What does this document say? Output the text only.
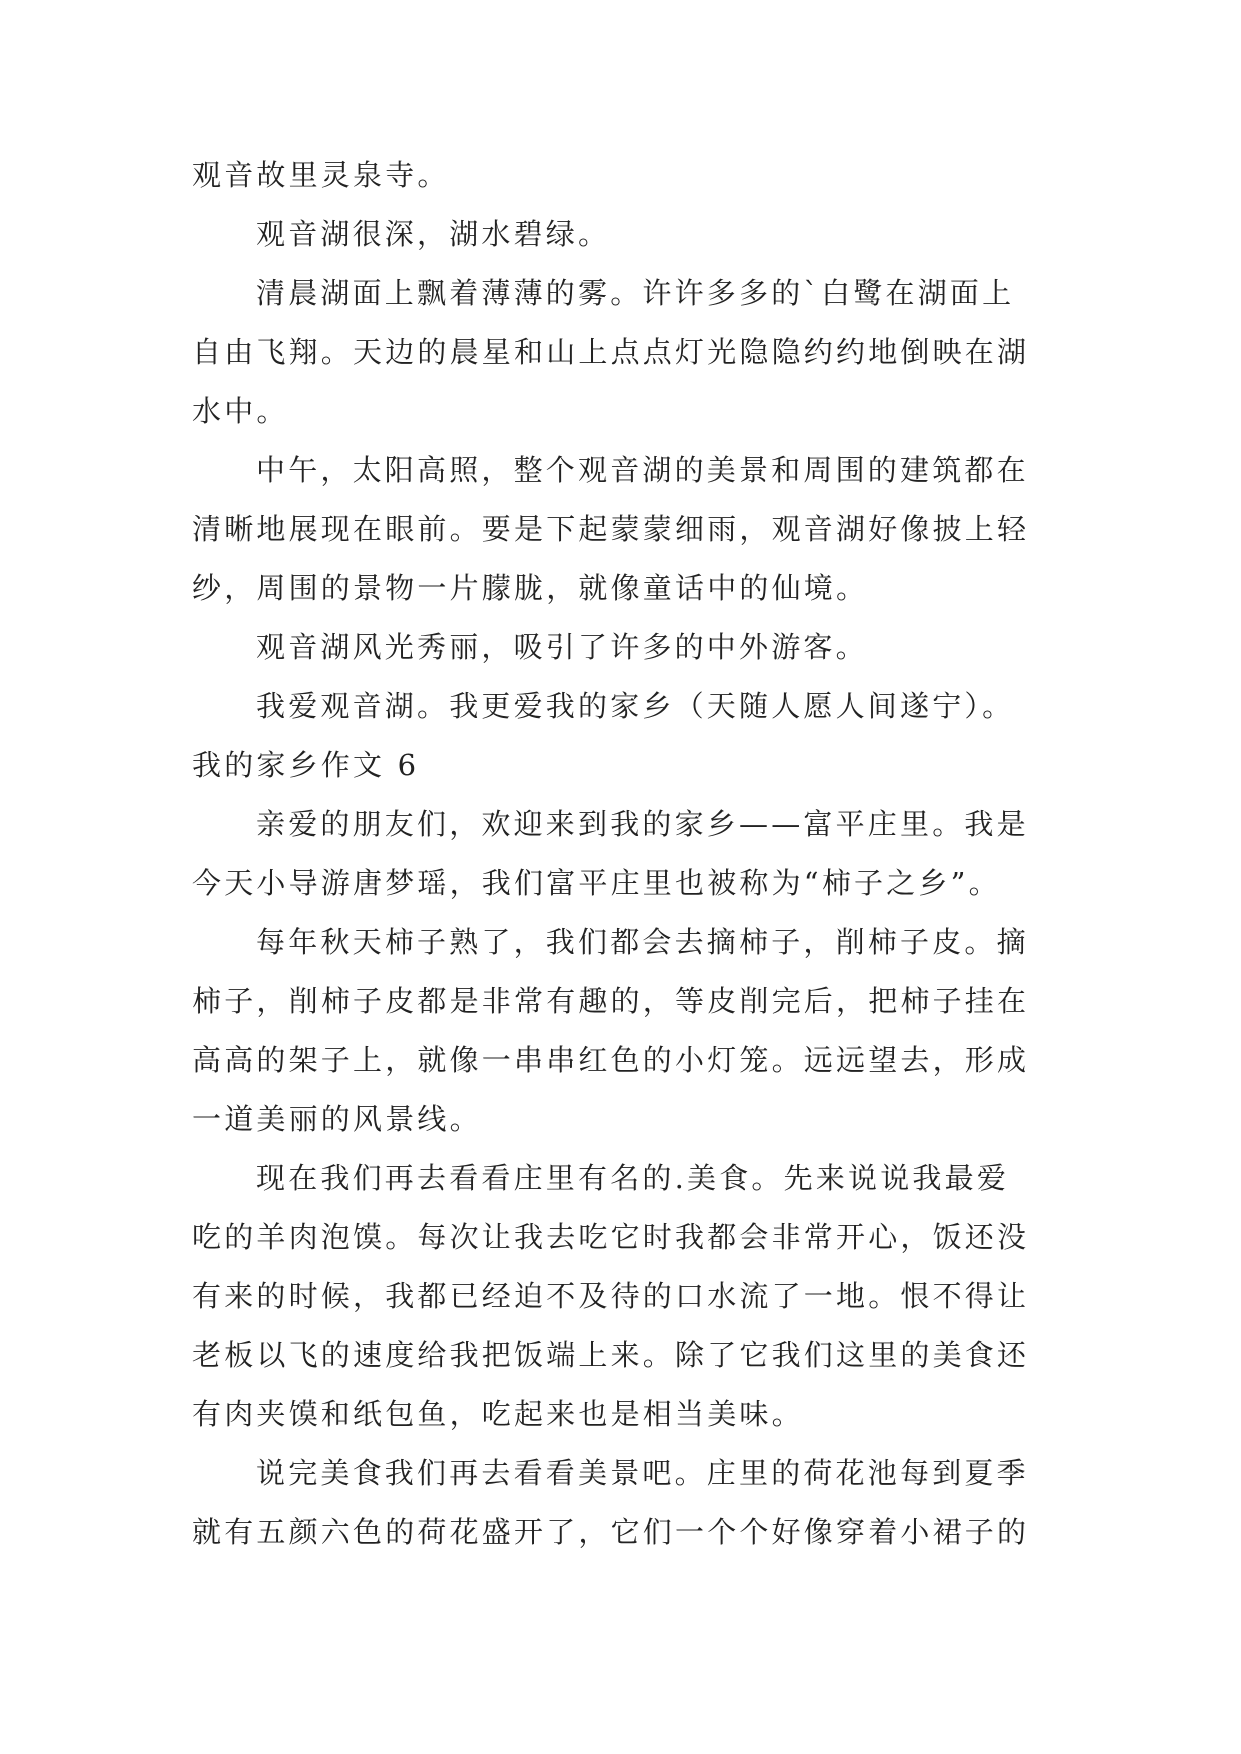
观音故里灵泉寺。
观音湖很深，湖水碧绿。
清晨湖面上飘着薄薄的雾。许许多多的`白鹭在湖面上
自由飞翔。天边的晨星和山上点点灯光隐隐约约地倒映在湖
水中。
中午，太阳高照，整个观音湖的美景和周围的建筑都在
清晰地展现在眼前。要是下起蒙蒙细雨，观音湖好像披上轻
纱，周围的景物一片朦胧，就像童话中的仙境。
观音湖风光秀丽，吸引了许多的中外游客。
我爱观音湖。我更爱我的家乡（天随人愿人间遂宁）。
我的家乡作文 6
亲爱的朋友们，欢迎来到我的家乡——富平庄里。我是
今天小导游唐梦瑶，我们富平庄里也被称为“柿子之乡”。
每年秋天柿子熟了，我们都会去摘柿子，削柿子皮。摘
柿子，削柿子皮都是非常有趣的，等皮削完后，把柿子挂在
高高的架子上，就像一串串红色的小灯笼。远远望去，形成
一道美丽的风景线。
现在我们再去看看庄里有名的.美食。先来说说我最爱
吃的羊肉泡馍。每次让我去吃它时我都会非常开心，饭还没
有来的时候，我都已经迫不及待的口水流了一地。恨不得让
老板以飞的速度给我把饭端上来。除了它我们这里的美食还
有肉夹馍和纸包鱼，吃起来也是相当美味。
说完美食我们再去看看美景吧。庄里的荷花池每到夏季
就有五颜六色的荷花盛开了，它们一个个好像穿着小裙子的
